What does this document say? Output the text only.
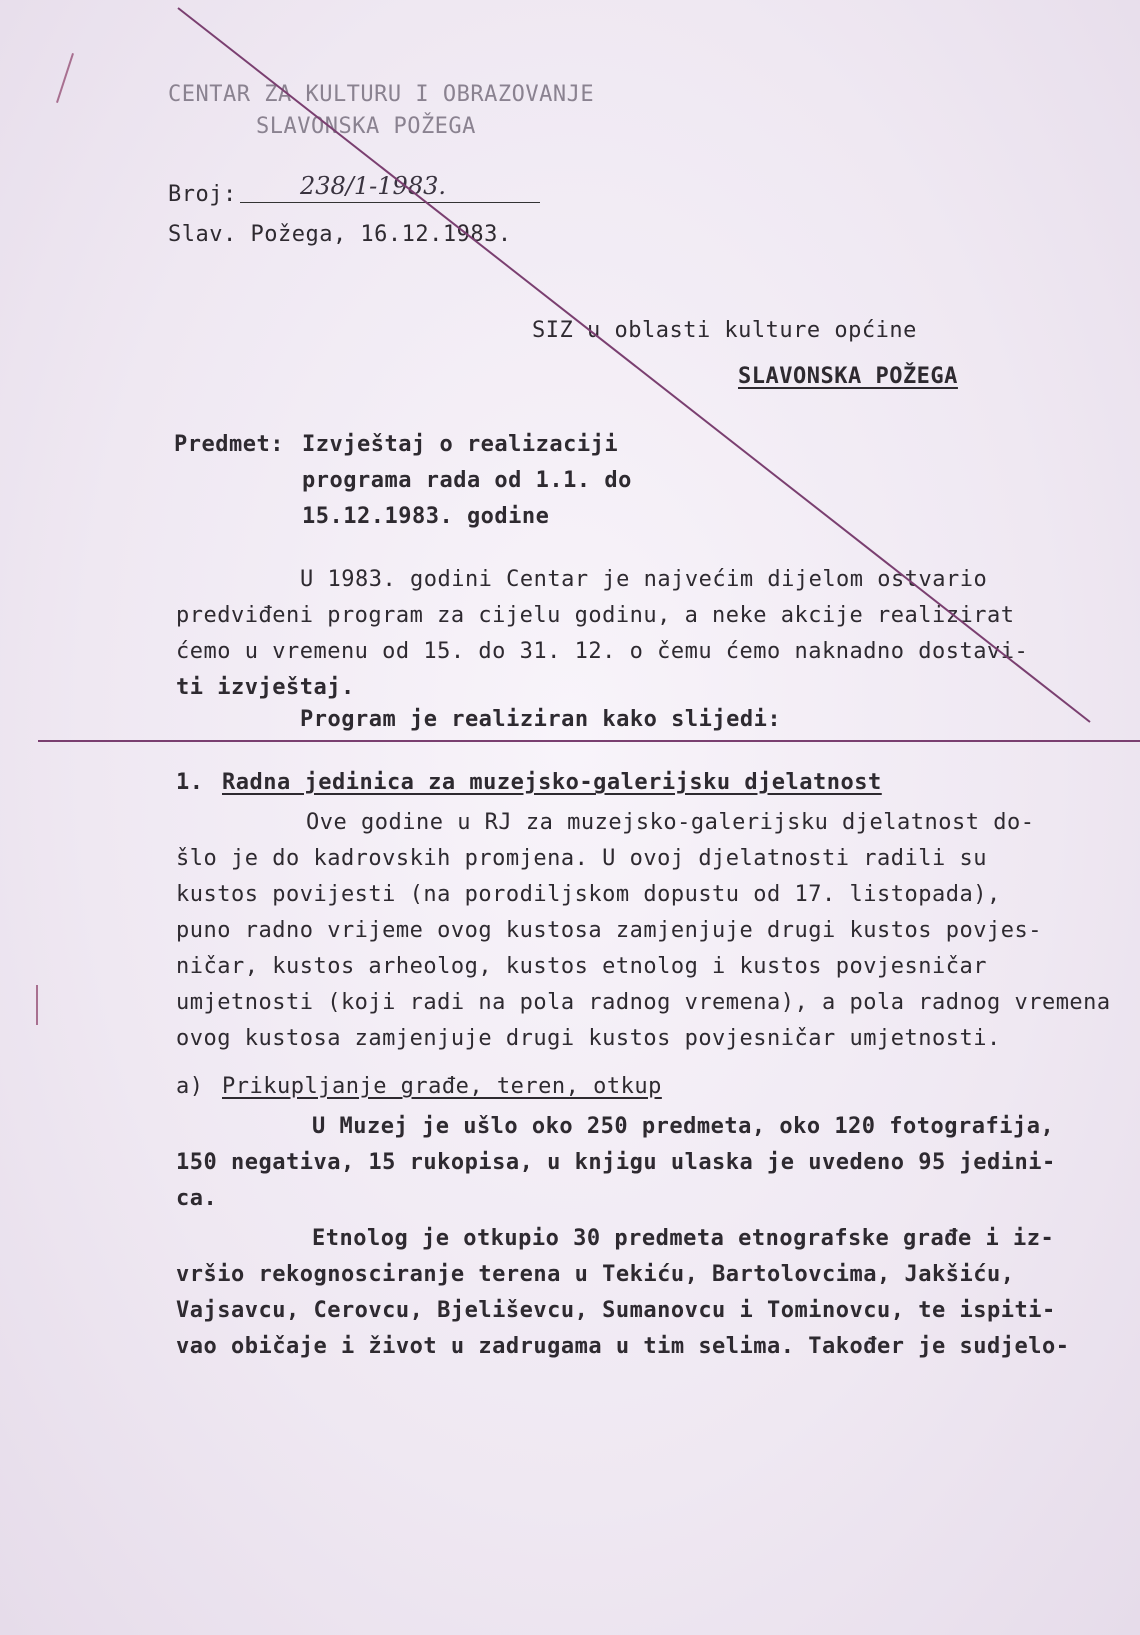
CENTAR ZA KULTURU I OBRAZOVANJE
SLAVONSKA POŽEGA
Broj:	238/1-1983.
Slav. Požega, 16.12.1983.
SIZ u oblasti kulture općine
SLAVONSKA POŽEGA
Predmet: Izvještaj o realizaciji
programa rada od 1.1. do
15.12.1983. godine
U 1983. godini Centar je najvećim dijelom ostvario
predviđeni program za cijelu godinu, a neke akcije realizirat
ćemo u vremenu od 15. do 31. 12. o čemu ćemo naknadno dostavi-
ti izvještaj.
Program je realiziran kako slijedi:
1. Radna jedinica za muzejsko-galerijsku djelatnost
Ove godine u RJ za muzejsko-galerijsku djelatnost do-
šlo je do kadrovskih promjena. U ovoj djelatnosti radili su
kustos povijesti (na porodiljskom dopustu od 17. listopada),
puno radno vrijeme ovog kustosa zamjenjuje drugi kustos povjes-
ničar, kustos arheolog, kustos etnolog i kustos povjesničar
umjetnosti (koji radi na pola radnog vremena), a pola radnog vremena
ovog kustosa zamjenjuje drugi kustos povjesničar umjetnosti.
a) Prikupljanje građe, teren, otkup
U Muzej je ušlo oko 250 predmeta, oko 120 fotografija,
150 negativa, 15 rukopisa, u knjigu ulaska je uvedeno 95 jedini-
ca.
Etnolog je otkupio 30 predmeta etnografske građe i iz-
vršio rekognosciranje terena u Tekiću, Bartolovcima, Jakšiću,
Vajsavcu, Cerovcu, Bjeliševcu, Sumanovcu i Tominovcu, te ispiti-
vao običaje i život u zadrugama u tim selima. Također je sudjelo-
